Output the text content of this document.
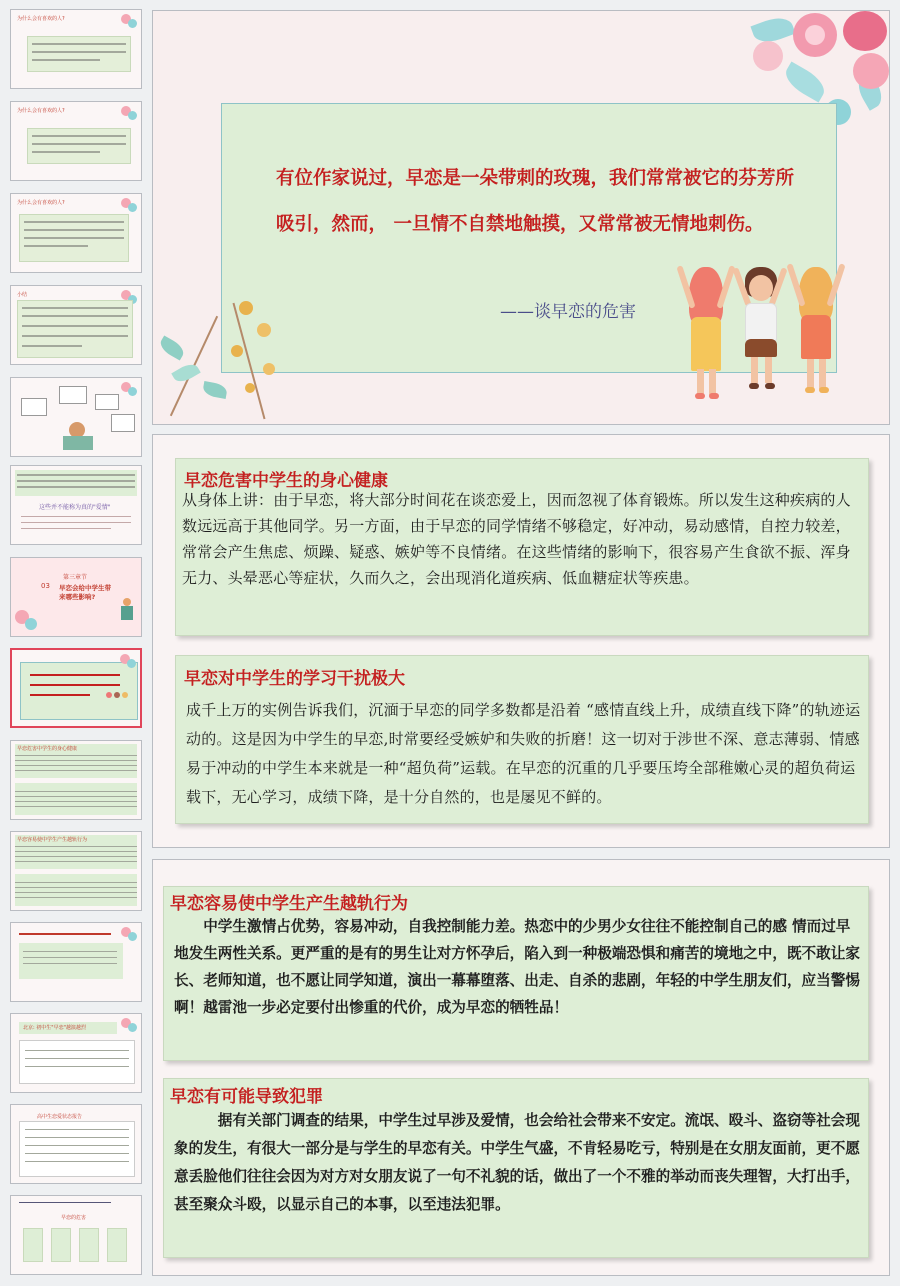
为什么会有喜欢的人?
为什么会有喜欢的人?
为什么会有喜欢的人?
小结
这些并不能称为真的"爱情"
第三章节
03 早恋会给中学生带来哪些影响?
早恋危害中学生的身心健康
早恋容易使中学生产生越轨行为
北京: 初中生"早恋"越演越烈
高中生恋爱状态报告
早恋的危害
有位作家说过，早恋是一朵带刺的玫瑰，我们常常被它的芬芳所吸引，然而， 一旦情不自禁地触摸，又常常被无情地刺伤。
——谈早恋的危害
早恋危害中学生的身心健康
从身体上讲：由于早恋，将大部分时间花在谈恋爱上，因而忽视了体育锻炼。所以发生这种疾病的人数远远高于其他同学。另一方面，由于早恋的同学情绪不够稳定，好冲动，易动感情，自控力较差，常常会产生焦虑、烦躁、疑惑、嫉妒等不良情绪。在这些情绪的影响下，很容易产生食欲不振、浑身无力、头晕恶心等症状，久而久之，会出现消化道疾病、低血糖症状等疾患。
早恋对中学生的学习干扰极大
成千上万的实例告诉我们，沉湎于早恋的同学多数都是沿着 “感情直线上升，成绩直线下降”的轨迹运动的。这是因为中学生的早恋,时常要经受嫉妒和失败的折磨！这一切对于涉世不深、意志薄弱、情感易于冲动的中学生本来就是一种“超负荷”运载。在早恋的沉重的几乎要压垮全部稚嫩心灵的超负荷运载下，无心学习，成绩下降，是十分自然的，也是屡见不鲜的。
早恋容易使中学生产生越轨行为
　　中学生激情占优势，容易冲动，自我控制能力差。热恋中的少男少女往往不能控制自己的感 情而过早地发生两性关系。更严重的是有的男生让对方怀孕后，陷入到一种极端恐惧和痛苦的境地之中，既不敢让家长、老师知道，也不愿让同学知道，演出一幕幕堕落、出走、自杀的悲剧，年轻的中学生朋友们，应当警惕啊！越雷池一步必定要付出惨重的代价，成为早恋的牺牲品！
早恋有可能导致犯罪
　　　据有关部门调查的结果，中学生过早涉及爱情，也会给社会带来不安定。流氓、殴斗、盗窃等社会现象的发生，有很大一部分是与学生的早恋有关。中学生气盛，不肯轻易吃亏，特别是在女朋友面前，更不愿意丢脸他们往往会因为对方对女朋友说了一句不礼貌的话，做出了一个不雅的举动而丧失理智，大打出手，甚至聚众斗殴，以显示自己的本事，以至违法犯罪。
